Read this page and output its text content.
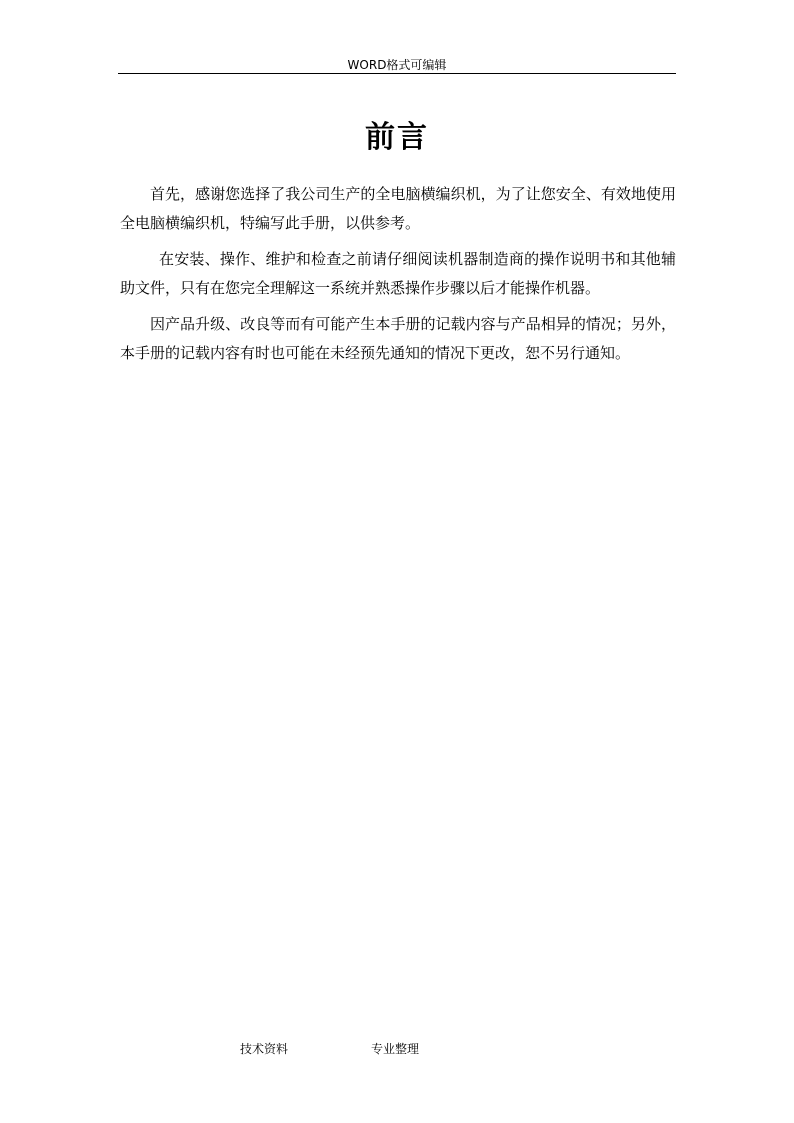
WORD格式可编辑
前言

首先，感谢您选择了我公司生产的全电脑横编织机，为了让您安全、有效地使用全电脑横编织机，特编写此手册，以供参考。

在安装、操作、维护和检查之前请仔细阅读机器制造商的操作说明书和其他辅助文件，只有在您完全理解这一系统并熟悉操作步骤以后才能操作机器。

因产品升级、改良等而有可能产生本手册的记载内容与产品相异的情况；另外，本手册的记载内容有时也可能在未经预先通知的情况下更改，恕不另行通知。

技术资料	专业整理
